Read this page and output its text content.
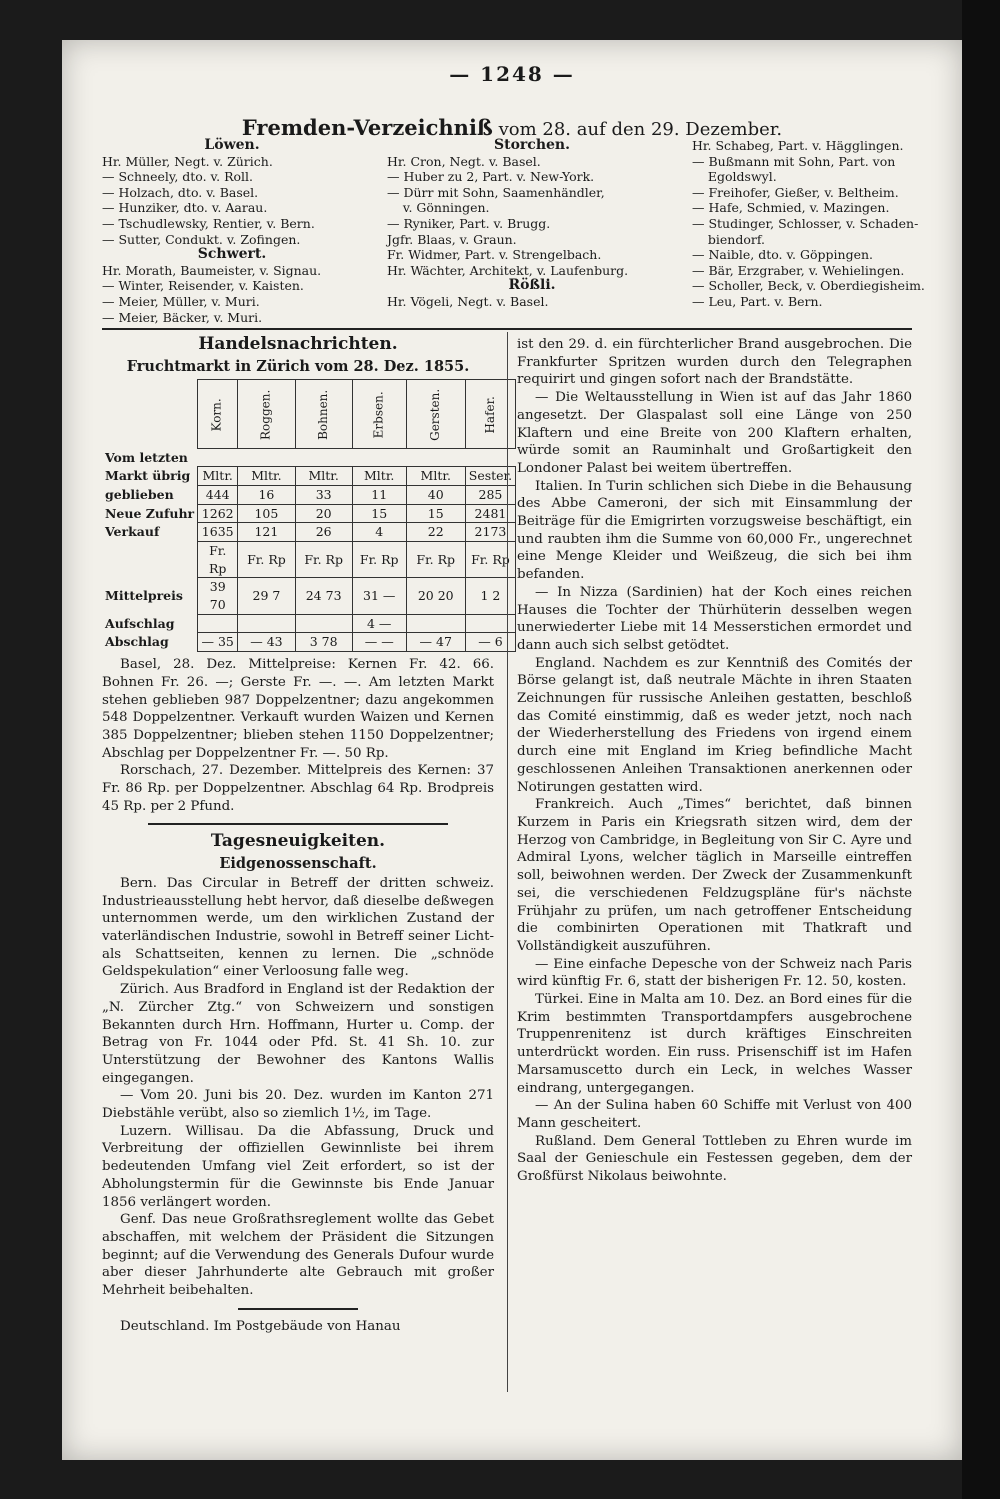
— 1248 —
Fremden-Verzeichniß vom 28. auf den 29. Dezember.
Löwen.
Hr. Müller, Negt. v. Zürich.
— Schneely, dto. v. Roll.
— Holzach, dto. v. Basel.
— Hunziker, dto. v. Aarau.
— Tschudlewsky, Rentier, v. Bern.
— Sutter, Condukt. v. Zofingen.
Schwert.
Hr. Morath, Baumeister, v. Signau.
— Winter, Reisender, v. Kaisten.
— Meier, Müller, v. Muri.
— Meier, Bäcker, v. Muri.
Storchen.
Hr. Cron, Negt. v. Basel.
— Huber zu 2, Part. v. New-York.
— Dürr mit Sohn, Saamenhändler,
v. Gönningen.
— Ryniker, Part. v. Brugg.
Jgfr. Blaas, v. Graun.
Fr. Widmer, Part. v. Strengelbach.
Hr. Wächter, Architekt, v. Laufenburg.
Rößli.
Hr. Vögeli, Negt. v. Basel.
Hr. Schabeg, Part. v. Hägglingen.
— Bußmann mit Sohn, Part. von
Egoldswyl.
— Freihofer, Gießer, v. Beltheim.
— Hafe, Schmied, v. Mazingen.
— Studinger, Schlosser, v. Schaden-
biendorf.
— Naible, dto. v. Göppingen.
— Bär, Erzgraber, v. Wehielingen.
— Scholler, Beck, v. Oberdiegisheim.
— Leu, Part. v. Bern.
Handelsnachrichten.
Fruchtmarkt in Zürich vom 28. Dez. 1855.
	Korn.	Roggen.	Bohnen.	Erbsen.	Gersten.	Hafer.
Vom letzten						
Markt übrig	Mltr.	Mltr.	Mltr.	Mltr.	Mltr.	Sester.
geblieben	444	16	33	11	40	285
Neue Zufuhr	1262	105	20	15	15	2481
Verkauf	1635	121	26	4	22	2173
	Fr. Rp	Fr. Rp	Fr. Rp	Fr. Rp	Fr. Rp	Fr. Rp
Mittelpreis	39 70	29 7	24 73	31 —	20 20	1 2
Aufschlag				4 —		
Abschlag	— 35	— 43	3 78	— —	— 47	— 6

Basel, 28. Dez. Mittelpreise: Kernen Fr. 42. 66. Bohnen Fr. 26. —; Gerste Fr. —. —. Am letzten Markt stehen geblieben 987 Doppelzentner; dazu angekommen 548 Doppelzentner. Verkauft wurden Waizen und Kernen 385 Doppelzentner; blieben stehen 1150 Doppelzentner; Abschlag per Doppelzentner Fr. —. 50 Rp.

Rorschach, 27. Dezember. Mittelpreis des Kernen: 37 Fr. 86 Rp. per Doppelzentner. Abschlag 64 Rp. Brodpreis 45 Rp. per 2 Pfund.

Tagesneuigkeiten.
Eidgenossenschaft.

Bern. Das Circular in Betreff der dritten schweiz. Industrieausstellung hebt hervor, daß dieselbe deßwegen unternommen werde, um den wirklichen Zustand der vaterländischen Industrie, sowohl in Betreff seiner Licht- als Schattseiten, kennen zu lernen. Die „schnöde Geldspekulation“ einer Verloosung falle weg.

Zürich. Aus Bradford in England ist der Redaktion der „N. Zürcher Ztg.“ von Schweizern und sonstigen Bekannten durch Hrn. Hoffmann, Hurter u. Comp. der Betrag von Fr. 1044 oder Pfd. St. 41 Sh. 10. zur Unterstützung der Bewohner des Kantons Wallis eingegangen.

— Vom 20. Juni bis 20. Dez. wurden im Kanton 271 Diebstähle verübt, also so ziemlich 1½, im Tage.

Luzern. Willisau. Da die Abfassung, Druck und Verbreitung der offiziellen Gewinnliste bei ihrem bedeutenden Umfang viel Zeit erfordert, so ist der Abholungstermin für die Gewinnste bis Ende Januar 1856 verlängert worden.

Genf. Das neue Großrathsreglement wollte das Gebet abschaffen, mit welchem der Präsident die Sitzungen beginnt; auf die Verwendung des Generals Dufour wurde aber dieser Jahrhunderte alte Gebrauch mit großer Mehrheit beibehalten.

Deutschland. Im Postgebäude von Hanau

ist den 29. d. ein fürchterlicher Brand ausgebrochen. Die Frankfurter Spritzen wurden durch den Telegraphen requirirt und gingen sofort nach der Brandstätte.

— Die Weltausstellung in Wien ist auf das Jahr 1860 angesetzt. Der Glaspalast soll eine Länge von 250 Klaftern und eine Breite von 200 Klaftern erhalten, würde somit an Rauminhalt und Großartigkeit den Londoner Palast bei weitem übertreffen.

Italien. In Turin schlichen sich Diebe in die Behausung des Abbe Cameroni, der sich mit Einsammlung der Beiträge für die Emigrirten vorzugsweise beschäftigt, ein und raubten ihm die Summe von 60,000 Fr., ungerechnet eine Menge Kleider und Weißzeug, die sich bei ihm befanden.

— In Nizza (Sardinien) hat der Koch eines reichen Hauses die Tochter der Thürhüterin desselben wegen unerwiederter Liebe mit 14 Messerstichen ermordet und dann auch sich selbst getödtet.

England. Nachdem es zur Kenntniß des Comités der Börse gelangt ist, daß neutrale Mächte in ihren Staaten Zeichnungen für russische Anleihen gestatten, beschloß das Comité einstimmig, daß es weder jetzt, noch nach der Wiederherstellung des Friedens von irgend einem durch eine mit England im Krieg befindliche Macht geschlossenen Anleihen Transaktionen anerkennen oder Notirungen gestatten wird.

Frankreich. Auch „Times“ berichtet, daß binnen Kurzem in Paris ein Kriegsrath sitzen wird, dem der Herzog von Cambridge, in Begleitung von Sir C. Ayre und Admiral Lyons, welcher täglich in Marseille eintreffen soll, beiwohnen werden. Der Zweck der Zusammenkunft sei, die verschiedenen Feldzugspläne für's nächste Frühjahr zu prüfen, um nach getroffener Entscheidung die combinirten Operationen mit Thatkraft und Vollständigkeit auszuführen.

— Eine einfache Depesche von der Schweiz nach Paris wird künftig Fr. 6, statt der bisherigen Fr. 12. 50, kosten.

Türkei. Eine in Malta am 10. Dez. an Bord eines für die Krim bestimmten Transportdampfers ausgebrochene Truppenrenitenz ist durch kräftiges Einschreiten unterdrückt worden. Ein russ. Prisenschiff ist im Hafen Marsamuscetto durch ein Leck, in welches Wasser eindrang, untergegangen.

— An der Sulina haben 60 Schiffe mit Verlust von 400 Mann gescheitert.

Rußland. Dem General Tottleben zu Ehren wurde im Saal der Genieschule ein Festessen gegeben, dem der Großfürst Nikolaus beiwohnte.
